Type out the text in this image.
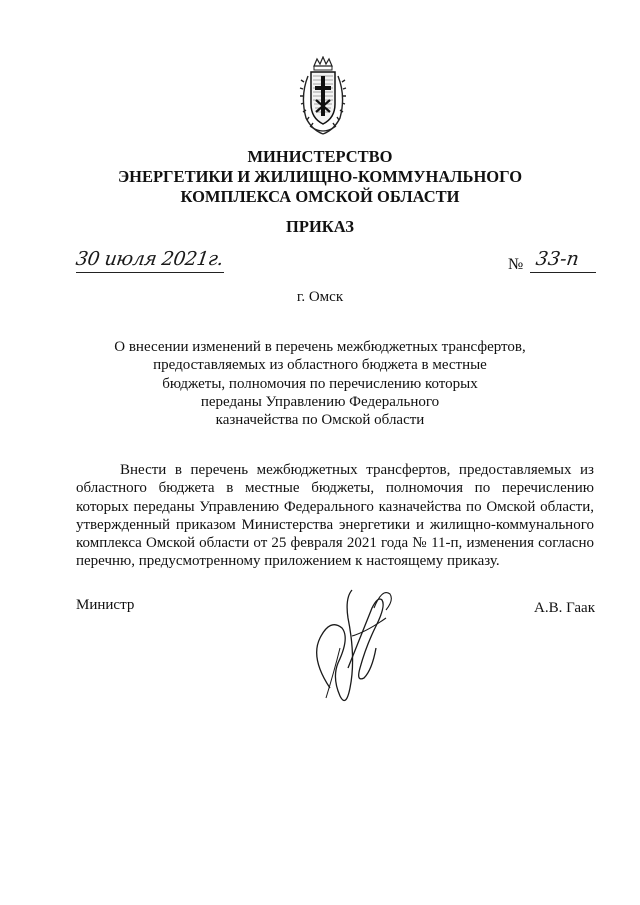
МИНИСТЕРСТВО
ЭНЕРГЕТИКИ И ЖИЛИЩНО-КОММУНАЛЬНОГО
КОМПЛЕКСА ОМСКОЙ ОБЛАСТИ
ПРИКАЗ
30 июля 2021г.	№ 33-п
г. Омск
О внесении изменений в перечень межбюджетных трансфертов,
предоставляемых из областного бюджета в местные
бюджеты, полномочия по перечислению которых
переданы Управлению Федерального
казначейства по Омской области
Внести в перечень межбюджетных трансфертов, предоставляемых из
областного бюджета в местные бюджеты, полномочия по перечислению
которых переданы Управлению Федерального казначейства по Омской области,
утвержденный приказом Министерства энергетики и жилищно-коммунального
комплекса Омской области от 25 февраля 2021 года № 11-п, изменения согласно
перечню, предусмотренному приложением к настоящему приказу.
Министр	А.В. Гаак
